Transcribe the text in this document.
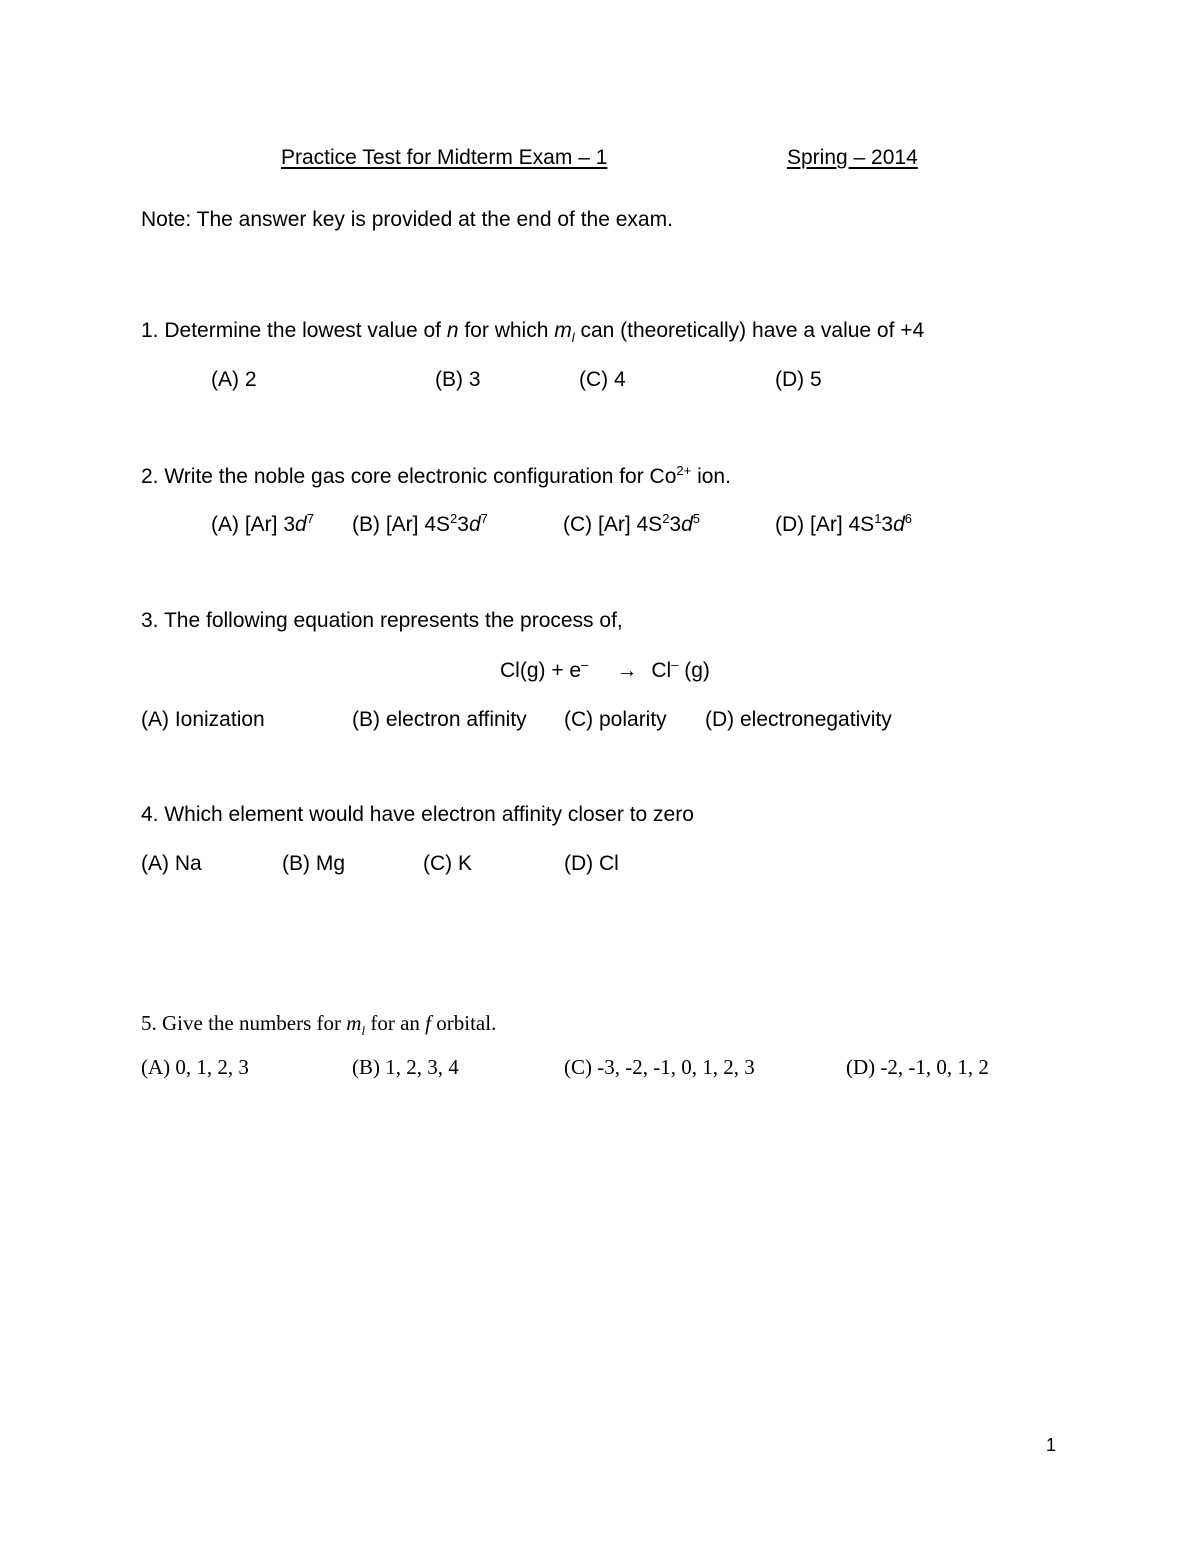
Practice Test for Midterm Exam – 1	Spring – 2014
Note: The answer key is provided at the end of the exam.
1. Determine the lowest value of n for which $m_l$ can (theoretically) have a value of +4
(A) 2	(B) 3	(C) 4	(D) 5
2. Write the noble gas core electronic configuration for $Co^{2+}$ ion.
(A) [Ar] $3d^7$ (B) [Ar] $4S^23d^7$	(C) [Ar] $4S^23d^5$	(D) [Ar] $4S^13d^6$
3. The following equation represents the process of,
Cl(g) + e– → Cl– (g)
(A) Ionization	(B) electron affinity (C) polarity (D) electronegativity
4. Which element would have electron affinity closer to zero
(A) Na	(B) Mg	(C) K	(D) Cl
5. Give the numbers for $m_l$ for an f orbital.
(A) 0, 1, 2, 3	(B) 1, 2, 3, 4	(C) -3, -2, -1, 0, 1, 2, 3	(D) -2, -1, 0, 1, 2
1
